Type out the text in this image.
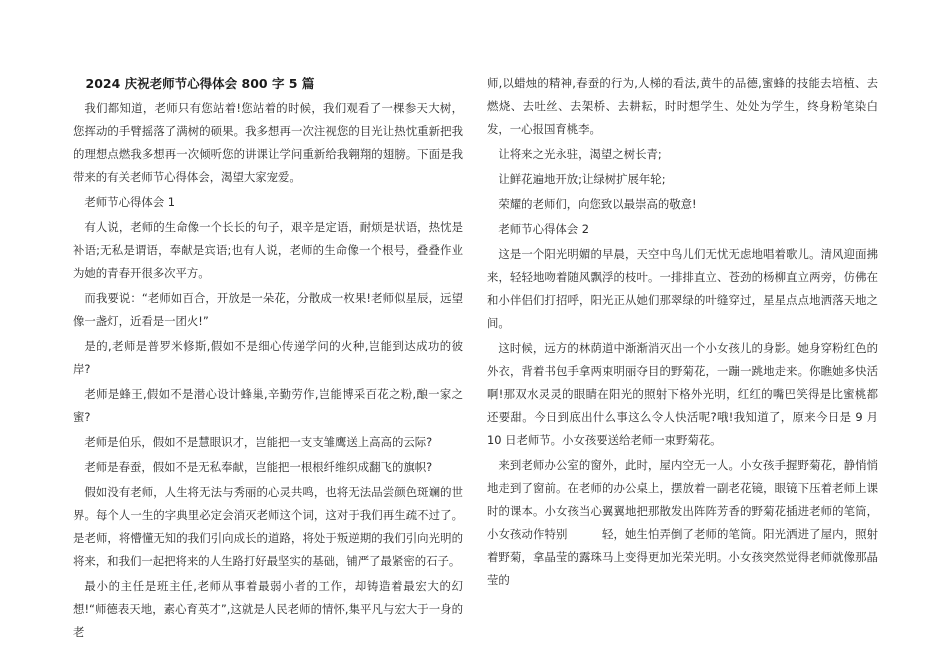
2024 庆祝老师节心得体会 800 字 5 篇

我们都知道，老师只有您站着!您站着的时候，我们观看了一棵参天大树，您挥动的手臂摇落了满树的硕果。我多想再一次注视您的目光让热忱重新把我的理想点燃我多想再一次倾听您的讲课让学问重新给我翱翔的翅膀。下面是我带来的有关老师节心得体会，渴望大家宠爱。

老师节心得体会 1

有人说，老师的生命像一个长长的句子，艰辛是定语，耐烦是状语，热忱是补语;无私是谓语，奉献是宾语;也有人说，老师的生命像一个根号，叠叠作业为她的青春开很多次平方。

而我要说：“老师如百合，开放是一朵花，分散成一枚果!老师似星辰，远望像一盏灯，近看是一团火!”

是的,老师是普罗米修斯,假如不是细心传递学问的火种,岂能到达成功的彼岸?

老师是蜂王,假如不是潜心设计蜂巢,辛勤劳作,岂能博采百花之粉,酿一家之蜜?

老师是伯乐，假如不是慧眼识才，岂能把一支支雏鹰送上高高的云际?

老师是春蚕，假如不是无私奉献，岂能把一根根纤维织成翻飞的旗帜?

假如没有老师，人生将无法与秀丽的心灵共鸣，也将无法品尝颜色斑斓的世界。每个人一生的字典里必定会消灭老师这个词，这对于我们再生疏不过了。是老师，将懵懂无知的我们引向成长的道路，将处于叛逆期的我们引向光明的将来，和我们一起把将来的人生路打好最坚实的基础，铺严了最紧密的石子。

最小的主任是班主任,老师从事着最弱小者的工作，却铸造着最宏大的幻想!“师德表天地，素心育英才”,这就是人民老师的情怀,集平凡与宏大于一身的老

师,以蜡烛的精神,春蚕的行为,人梯的看法,黄牛的品德,蜜蜂的技能去培植、去燃烧、去吐丝、去架桥、去耕耘，时时想学生、处处为学生，终身粉笔染白发，一心报国育桃李。

让将来之光永驻，渴望之树长青;

让鲜花遍地开放;让绿树扩展年轮;

荣耀的老师们，向您致以最崇高的敬意!

老师节心得体会 2

这是一个阳光明媚的早晨，天空中鸟儿们无忧无虑地唱着歌儿。清风迎面拂来，轻轻地吻着随风飘浮的枝叶。一排排直立、苍劲的杨柳直立两旁，仿佛在和小伴侣们打招呼，阳光正从她们那翠绿的叶缝穿过，星星点点地洒落天地之间。

这时候，远方的林荫道中渐渐消灭出一个小女孩儿的身影。她身穿粉红色的外衣，背着书包手拿两束明丽夺目的野菊花，一蹦一跳地走来。你瞧她多快活啊!那双水灵灵的眼睛在阳光的照射下格外光明，红红的嘴巴笑得是比蜜桃都还要甜。今日到底出什么事这么令人快活呢?哦!我知道了，原来今日是 9 月 10 日老师节。小女孩要送给老师一束野菊花。

来到老师办公室的窗外，此时，屋内空无一人。小女孩手握野菊花，静悄悄地走到了窗前。在老师的办公桌上，摆放着一副老花镜，眼镜下压着老师上课时的课本。小女孩当心翼翼地把那散发出阵阵芳香的野菊花插进老师的笔筒，小女孩动作特别　　　轻，她生怕弄倒了老师的笔筒。阳光洒进了屋内，照射着野菊，拿晶莹的露珠马上变得更加光荣光明。小女孩突然觉得老师就像那晶莹的
